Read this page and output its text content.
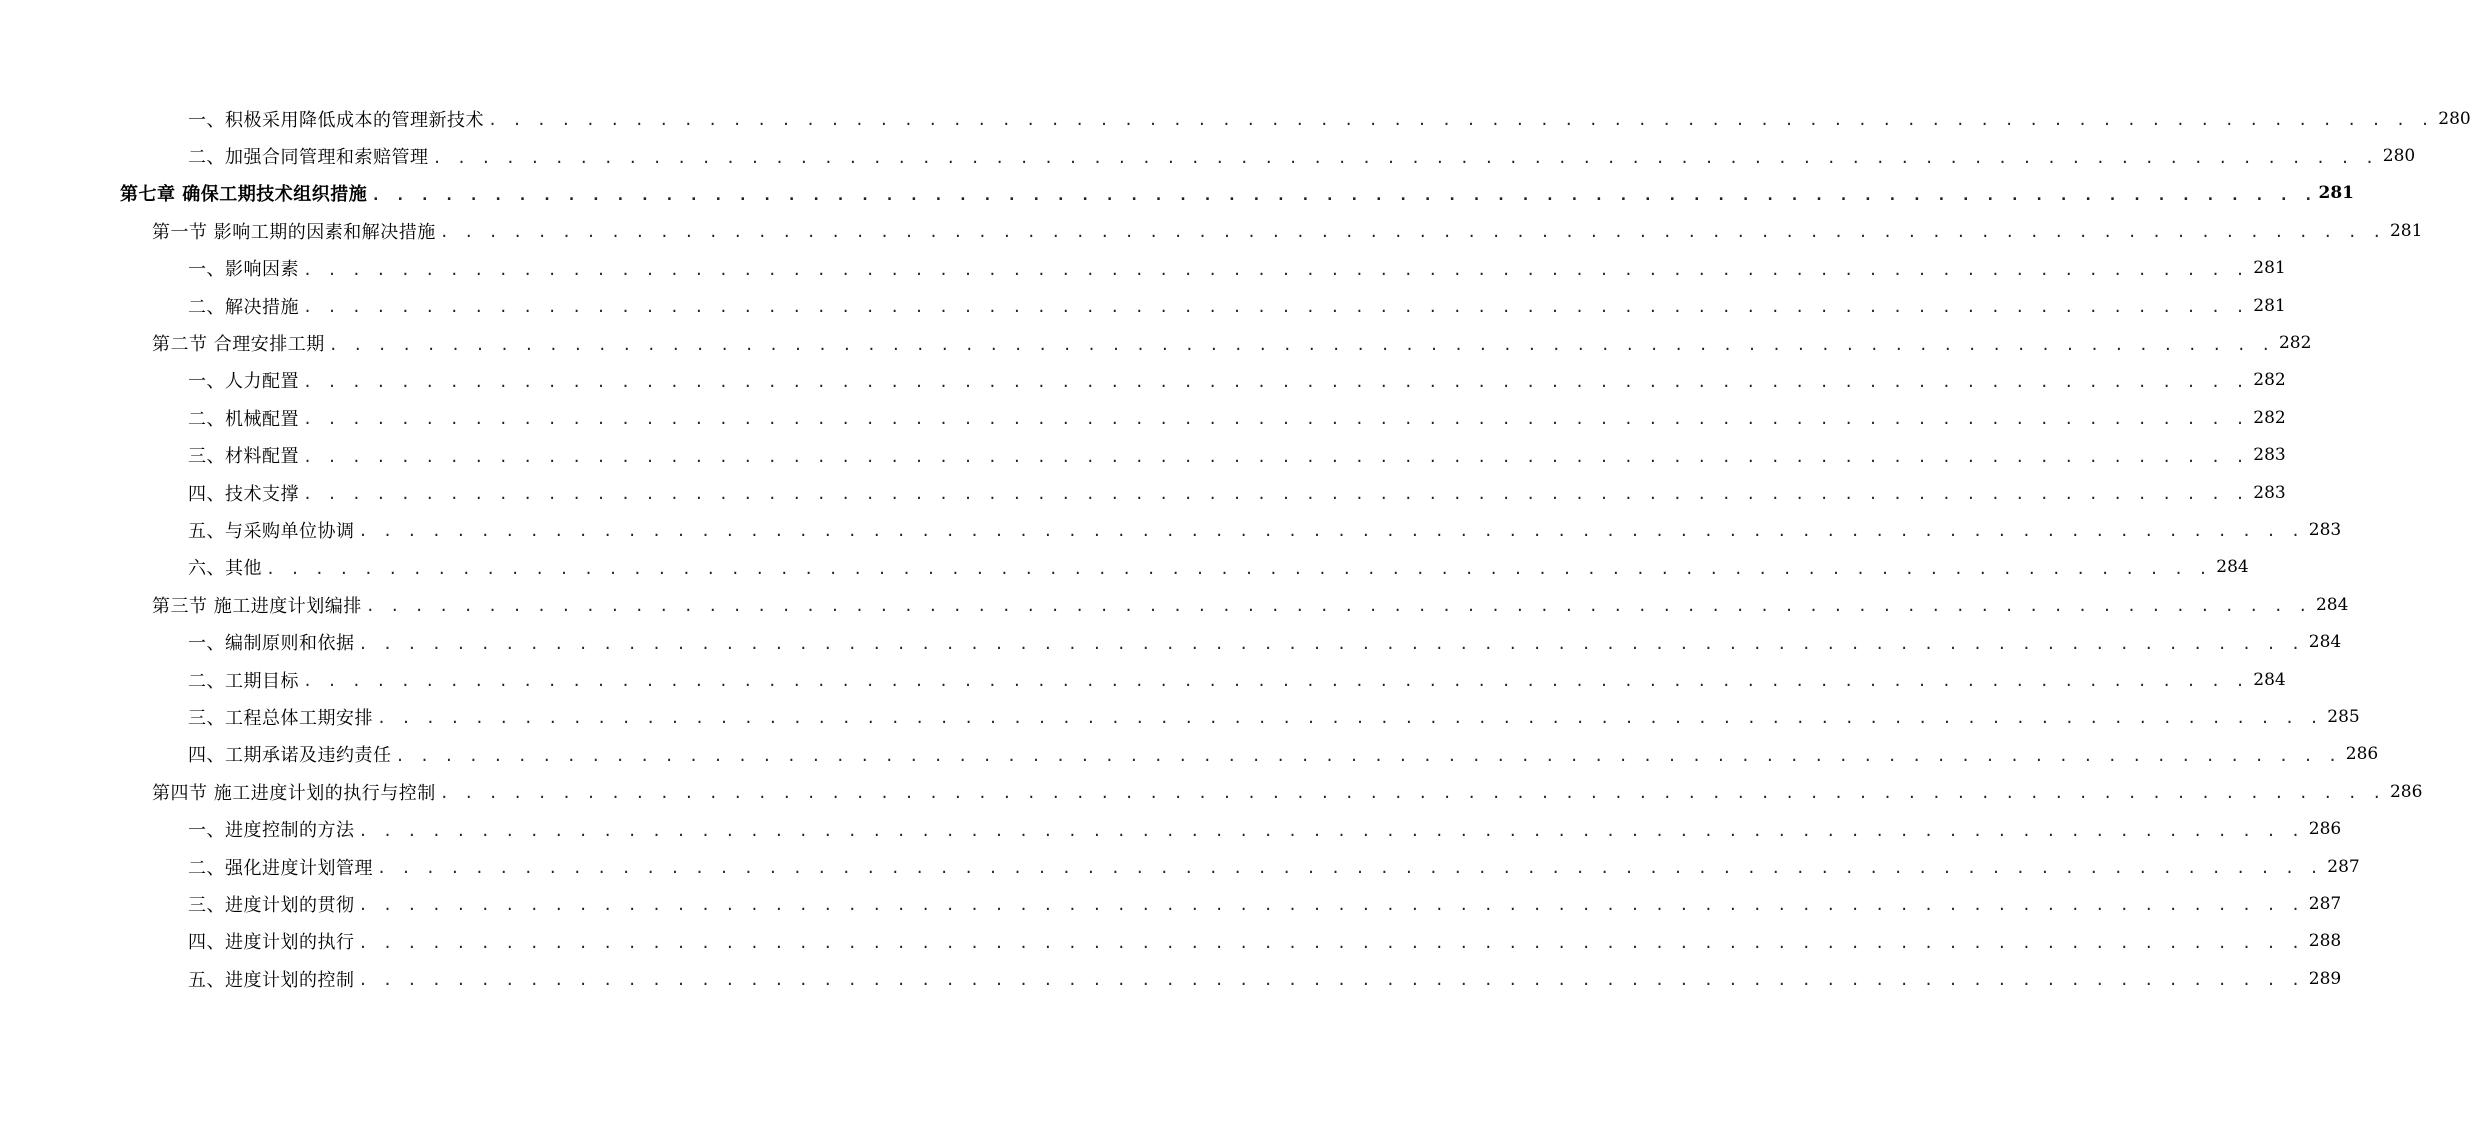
一、积极采用降低成本的管理新技术 . . . . . . . . . . . . . . . . . . . . . . . . . . . . . . . . . . . . . . . . . . . . . . . . . . . . . . . . . . . . . . . . . . . . . . . . . . . . . . . . 280
二、加强合同管理和索赔管理 . . . . . . . . . . . . . . . . . . . . . . . . . . . . . . . . . . . . . . . . . . . . . . . . . . . . . . . . . . . . . . . . . . . . . . . . . . . . . . . . 280
第七章 确保工期技术组织措施 . . . . . . . . . . . . . . . . . . . . . . . . . . . . . . . . . . . . . . . . . . . . . . . . . . . . . . . . . . . . . . . . . . . . . . . . . . . . . . . . 281
第一节 影响工期的因素和解决措施 . . . . . . . . . . . . . . . . . . . . . . . . . . . . . . . . . . . . . . . . . . . . . . . . . . . . . . . . . . . . . . . . . . . . . . . . . . . . . . . . 281
一、影响因素 . . . . . . . . . . . . . . . . . . . . . . . . . . . . . . . . . . . . . . . . . . . . . . . . . . . . . . . . . . . . . . . . . . . . . . . . . . . . . . . . 281
二、解决措施 . . . . . . . . . . . . . . . . . . . . . . . . . . . . . . . . . . . . . . . . . . . . . . . . . . . . . . . . . . . . . . . . . . . . . . . . . . . . . . . . 281
第二节 合理安排工期 . . . . . . . . . . . . . . . . . . . . . . . . . . . . . . . . . . . . . . . . . . . . . . . . . . . . . . . . . . . . . . . . . . . . . . . . . . . . . . . . 282
一、人力配置 . . . . . . . . . . . . . . . . . . . . . . . . . . . . . . . . . . . . . . . . . . . . . . . . . . . . . . . . . . . . . . . . . . . . . . . . . . . . . . . . 282
二、机械配置 . . . . . . . . . . . . . . . . . . . . . . . . . . . . . . . . . . . . . . . . . . . . . . . . . . . . . . . . . . . . . . . . . . . . . . . . . . . . . . . . 282
三、材料配置 . . . . . . . . . . . . . . . . . . . . . . . . . . . . . . . . . . . . . . . . . . . . . . . . . . . . . . . . . . . . . . . . . . . . . . . . . . . . . . . . 283
四、技术支撑 . . . . . . . . . . . . . . . . . . . . . . . . . . . . . . . . . . . . . . . . . . . . . . . . . . . . . . . . . . . . . . . . . . . . . . . . . . . . . . . . 283
五、与采购单位协调 . . . . . . . . . . . . . . . . . . . . . . . . . . . . . . . . . . . . . . . . . . . . . . . . . . . . . . . . . . . . . . . . . . . . . . . . . . . . . . . . 283
六、其他 . . . . . . . . . . . . . . . . . . . . . . . . . . . . . . . . . . . . . . . . . . . . . . . . . . . . . . . . . . . . . . . . . . . . . . . . . . . . . . . . 284
第三节 施工进度计划编排 . . . . . . . . . . . . . . . . . . . . . . . . . . . . . . . . . . . . . . . . . . . . . . . . . . . . . . . . . . . . . . . . . . . . . . . . . . . . . . . . 284
一、编制原则和依据 . . . . . . . . . . . . . . . . . . . . . . . . . . . . . . . . . . . . . . . . . . . . . . . . . . . . . . . . . . . . . . . . . . . . . . . . . . . . . . . . 284
二、工期目标 . . . . . . . . . . . . . . . . . . . . . . . . . . . . . . . . . . . . . . . . . . . . . . . . . . . . . . . . . . . . . . . . . . . . . . . . . . . . . . . . 284
三、工程总体工期安排 . . . . . . . . . . . . . . . . . . . . . . . . . . . . . . . . . . . . . . . . . . . . . . . . . . . . . . . . . . . . . . . . . . . . . . . . . . . . . . . . 285
四、工期承诺及违约责任 . . . . . . . . . . . . . . . . . . . . . . . . . . . . . . . . . . . . . . . . . . . . . . . . . . . . . . . . . . . . . . . . . . . . . . . . . . . . . . . . 286
第四节 施工进度计划的执行与控制 . . . . . . . . . . . . . . . . . . . . . . . . . . . . . . . . . . . . . . . . . . . . . . . . . . . . . . . . . . . . . . . . . . . . . . . . . . . . . . . . 286
一、进度控制的方法 . . . . . . . . . . . . . . . . . . . . . . . . . . . . . . . . . . . . . . . . . . . . . . . . . . . . . . . . . . . . . . . . . . . . . . . . . . . . . . . . 286
二、强化进度计划管理 . . . . . . . . . . . . . . . . . . . . . . . . . . . . . . . . . . . . . . . . . . . . . . . . . . . . . . . . . . . . . . . . . . . . . . . . . . . . . . . . 287
三、进度计划的贯彻 . . . . . . . . . . . . . . . . . . . . . . . . . . . . . . . . . . . . . . . . . . . . . . . . . . . . . . . . . . . . . . . . . . . . . . . . . . . . . . . . 287
四、进度计划的执行 . . . . . . . . . . . . . . . . . . . . . . . . . . . . . . . . . . . . . . . . . . . . . . . . . . . . . . . . . . . . . . . . . . . . . . . . . . . . . . . . 288
五、进度计划的控制 . . . . . . . . . . . . . . . . . . . . . . . . . . . . . . . . . . . . . . . . . . . . . . . . . . . . . . . . . . . . . . . . . . . . . . . . . . . . . . . . 289
